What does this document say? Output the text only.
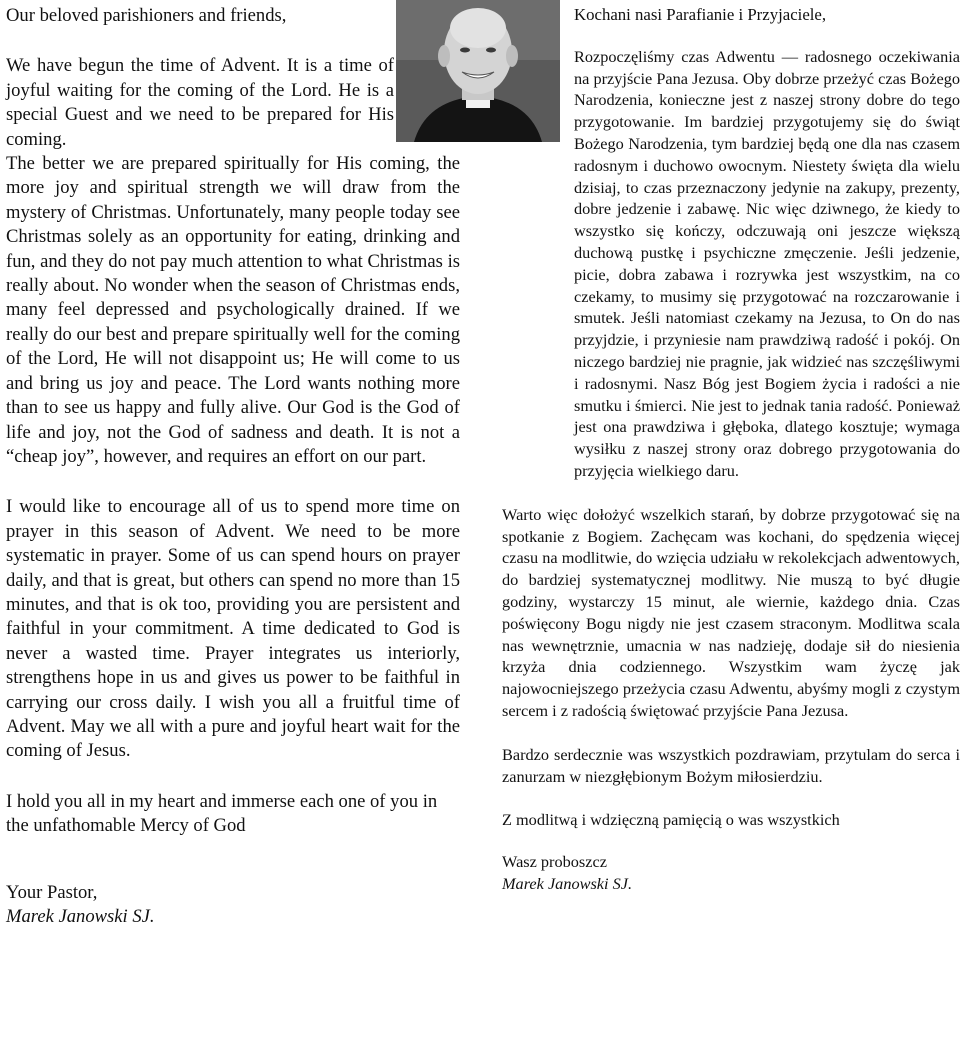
Our beloved parishioners and friends,

We have begun the time of Advent. It is a time of joyful waiting for the coming of the Lord. He is a special Guest and we need to be prepared for His coming.

The better we are prepared spiritually for His coming, the more joy and spiritual strength we will draw from the mystery of Christmas. Unfortunately, many people today see Christmas solely as an opportunity for eating, drinking and fun, and they do not pay much attention to what Christmas is really about. No wonder when the season of Christmas ends, many feel depressed and psychologically drained. If we really do our best and prepare spiritually well for the coming of the Lord, He will not disappoint us; He will come to us and bring us joy and peace. The Lord wants nothing more than to see us happy and fully alive. Our God is the God of life and joy, not the God of sadness and death. It is not a “cheap joy”, however, and requires an effort on our part.

I would like to encourage all of us to spend more time on prayer in this season of Advent. We need to be more systematic in prayer. Some of us can spend hours on prayer daily, and that is great, but others can spend no more than 15 minutes, and that is ok too, providing you are persistent and faithful in your commitment. A time dedicated to God is never a wasted time. Prayer integrates us interiorly, strengthens hope in us and gives us power to be faithful in carrying our cross daily. I wish you all a fruitful time of Advent. May we all with a pure and joyful heart wait for the coming of Jesus.

I hold you all in my heart and immerse each one of you in the unfathomable Mercy of God

Your Pastor,

Marek Janowski SJ.

Kochani nasi Parafianie i Przyjaciele,

Rozpoczęliśmy czas Adwentu — radosnego oczekiwania na przyjście Pana Jezusa. Oby dobrze przeżyć czas Bożego Narodzenia, konieczne jest z naszej strony dobre do tego przygotowanie. Im bardziej przygotujemy się do świąt Bożego Narodzenia, tym bardziej będą one dla nas czasem radosnym i duchowo owocnym. Niestety święta dla wielu dzisiaj, to czas przeznaczony jedynie na zakupy, prezenty, dobre jedzenie i zabawę. Nic więc dziwnego, że kiedy to wszystko się kończy, odczuwają oni jeszcze większą duchową pustkę i psychiczne zmęczenie. Jeśli jedzenie, picie, dobra zabawa i rozrywka jest wszystkim, na co czekamy, to musimy się przygotować na rozczarowanie i smutek. Jeśli natomiast czekamy na Jezusa, to On do nas przyjdzie, i przyniesie nam prawdziwą radość i pokój. On niczego bardziej nie pragnie, jak widzieć nas szczęśliwymi i radosnymi. Nasz Bóg jest Bogiem życia i radości a nie smutku i śmierci. Nie jest to jednak tania radość. Ponieważ jest ona prawdziwa i głęboka, dlatego kosztuje; wymaga wysiłku z naszej strony oraz dobrego przygotowania do przyjęcia wielkiego daru.

Warto więc dołożyć wszelkich starań, by dobrze przygotować się na spotkanie z Bogiem. Zachęcam was kochani, do spędzenia więcej czasu na modlitwie, do wzięcia udziału w rekolekcjach adwentowych, do bardziej systematycznej modlitwy. Nie muszą to być długie godziny, wystarczy 15 minut, ale wiernie, każdego dnia. Czas poświęcony Bogu nigdy nie jest czasem straconym. Modlitwa scala nas wewnętrznie, umacnia w nas nadzieję, dodaje sił do niesienia krzyża dnia codziennego. Wszystkim wam życzę jak najowocniejszego przeżycia czasu Adwentu, abyśmy mogli z czystym sercem i z radością świętować przyjście Pana Jezusa.

Bardzo serdecznie was wszystkich pozdrawiam, przytulam do serca i zanurzam w niezgłębionym Bożym miłosierdziu.

Z modlitwą i wdzięczną pamięcią o was wszystkich

Wasz proboszcz

Marek Janowski SJ.
